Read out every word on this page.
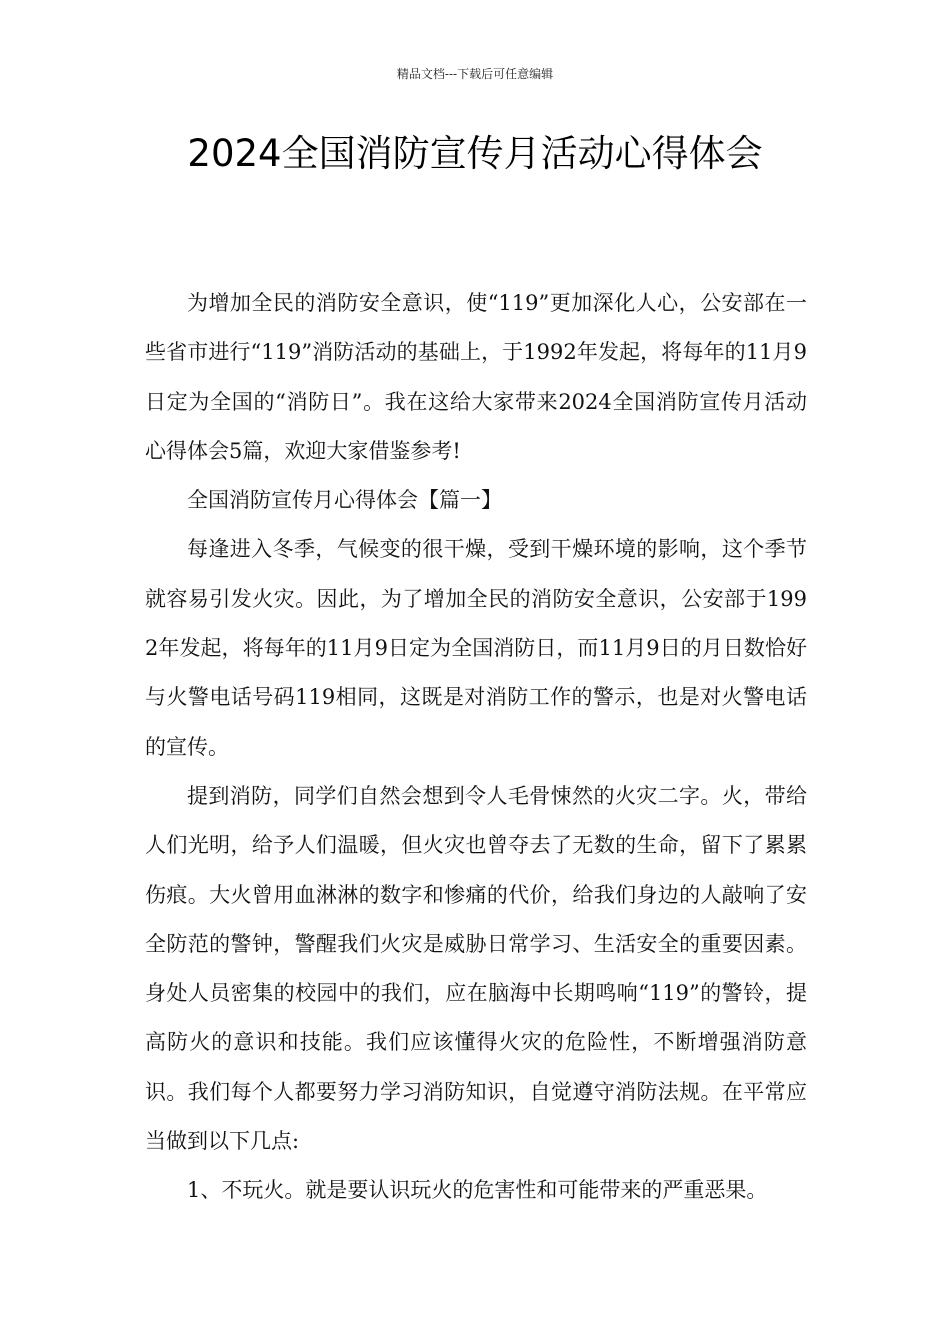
精品文档---下载后可任意编辑
2024全国消防宣传月活动心得体会

为增加全民的消防安全意识，使“119”更加深化人心，公安部在一些省市进行“119”消防活动的基础上，于1992年发起，将每年的11月9日定为全国的“消防日”。我在这给大家带来2024全国消防宣传月活动心得体会5篇，欢迎大家借鉴参考!

全国消防宣传月心得体会【篇一】

每逢进入冬季，气候变的很干燥，受到干燥环境的影响，这个季节就容易引发火灾。因此，为了增加全民的消防安全意识，公安部于1992年发起，将每年的11月9日定为全国消防日，而11月9日的月日数恰好与火警电话号码119相同，这既是对消防工作的警示，也是对火警电话的宣传。

提到消防，同学们自然会想到令人毛骨悚然的火灾二字。火，带给人们光明，给予人们温暖，但火灾也曾夺去了无数的生命，留下了累累伤痕。大火曾用血淋淋的数字和惨痛的代价，给我们身边的人敲响了安全防范的警钟，警醒我们火灾是威胁日常学习、生活安全的重要因素。身处人员密集的校园中的我们，应在脑海中长期鸣响“119”的警铃，提高防火的意识和技能。我们应该懂得火灾的危险性，不断增强消防意识。我们每个人都要努力学习消防知识，自觉遵守消防法规。在平常应当做到以下几点:

1、不玩火。就是要认识玩火的危害性和可能带来的严重恶果。
